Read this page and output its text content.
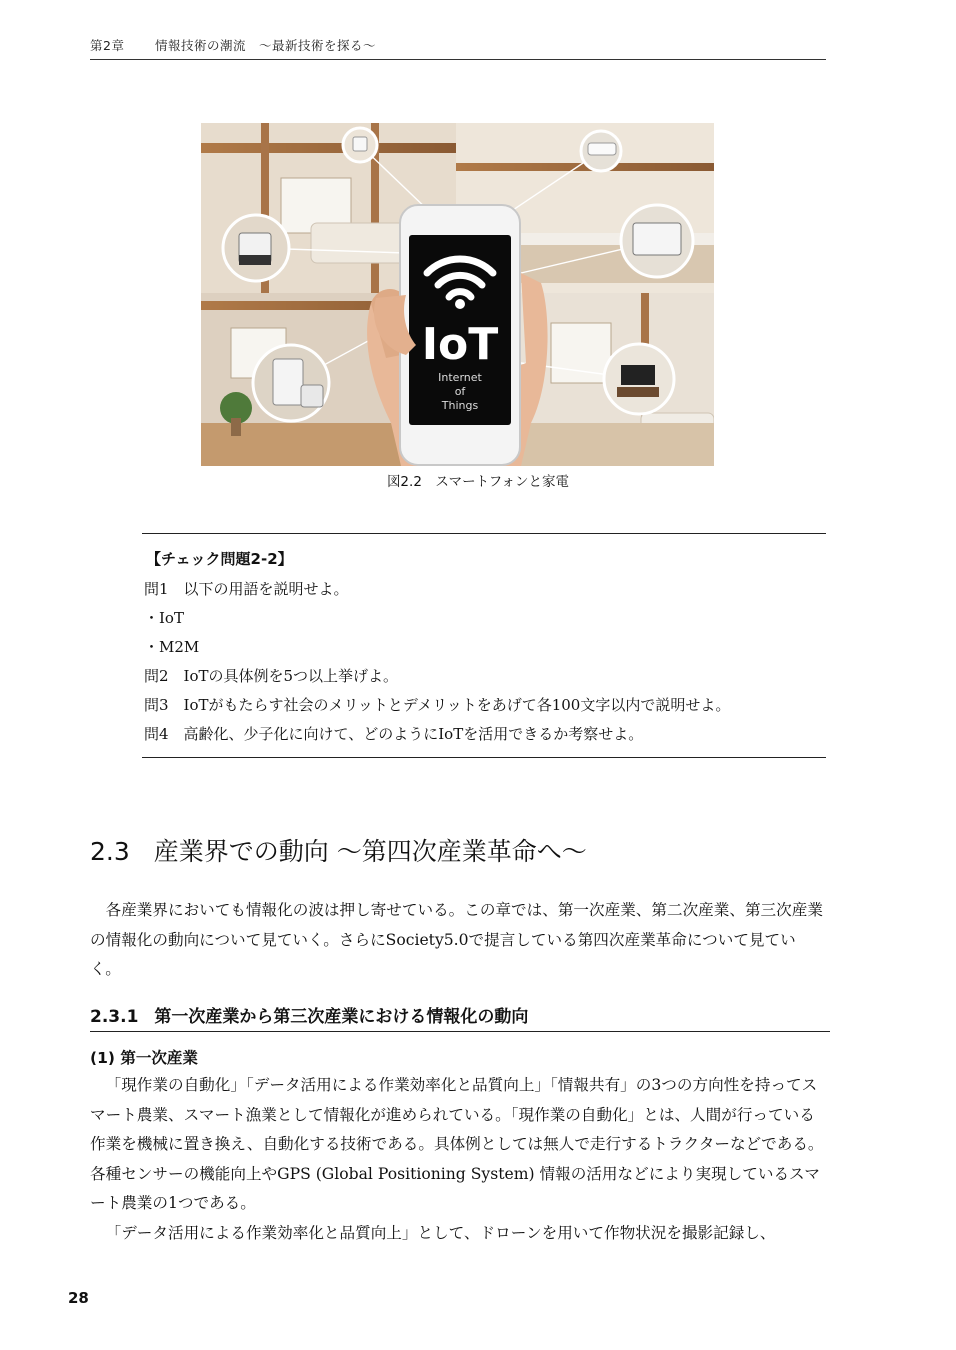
第2章 情報技術の潮流　～最新技術を探る～
IoT
Internet
of
Things
図2.2　スマートフォンと家電
【チェック問題2-2】
問1　以下の用語を説明せよ。
・IoT
・M2M
問2　IoTの具体例を5つ以上挙げよ。
問3　IoTがもたらす社会のメリットとデメリットをあげて各100文字以内で説明せよ。
問4　高齢化、少子化に向けて、どのようにIoTを活用できるか考察せよ。
2.3 産業界での動向 ～第四次産業革命へ～

各産業界においても情報化の波は押し寄せている。この章では、第一次産業、第二次産業、第三次産業の情報化の動向について見ていく。さらにSociety5.0で提言している第四次産業革命について見ていく。

2.3.1 第一次産業から第三次産業における情報化の動向
(1) 第一次産業

「現作業の自動化」「データ活用による作業効率化と品質向上」「情報共有」の3つの方向性を持ってスマート農業、スマート漁業として情報化が進められている。「現作業の自動化」とは、人間が行っている作業を機械に置き換え、自動化する技術である。具体例としては無人で走行するトラクターなどである。各種センサーの機能向上やGPS (Global Positioning System) 情報の活用などにより実現しているスマート農業の1つである。

「データ活用による作業効率化と品質向上」として、ドローンを用いて作物状況を撮影記録し、

28
